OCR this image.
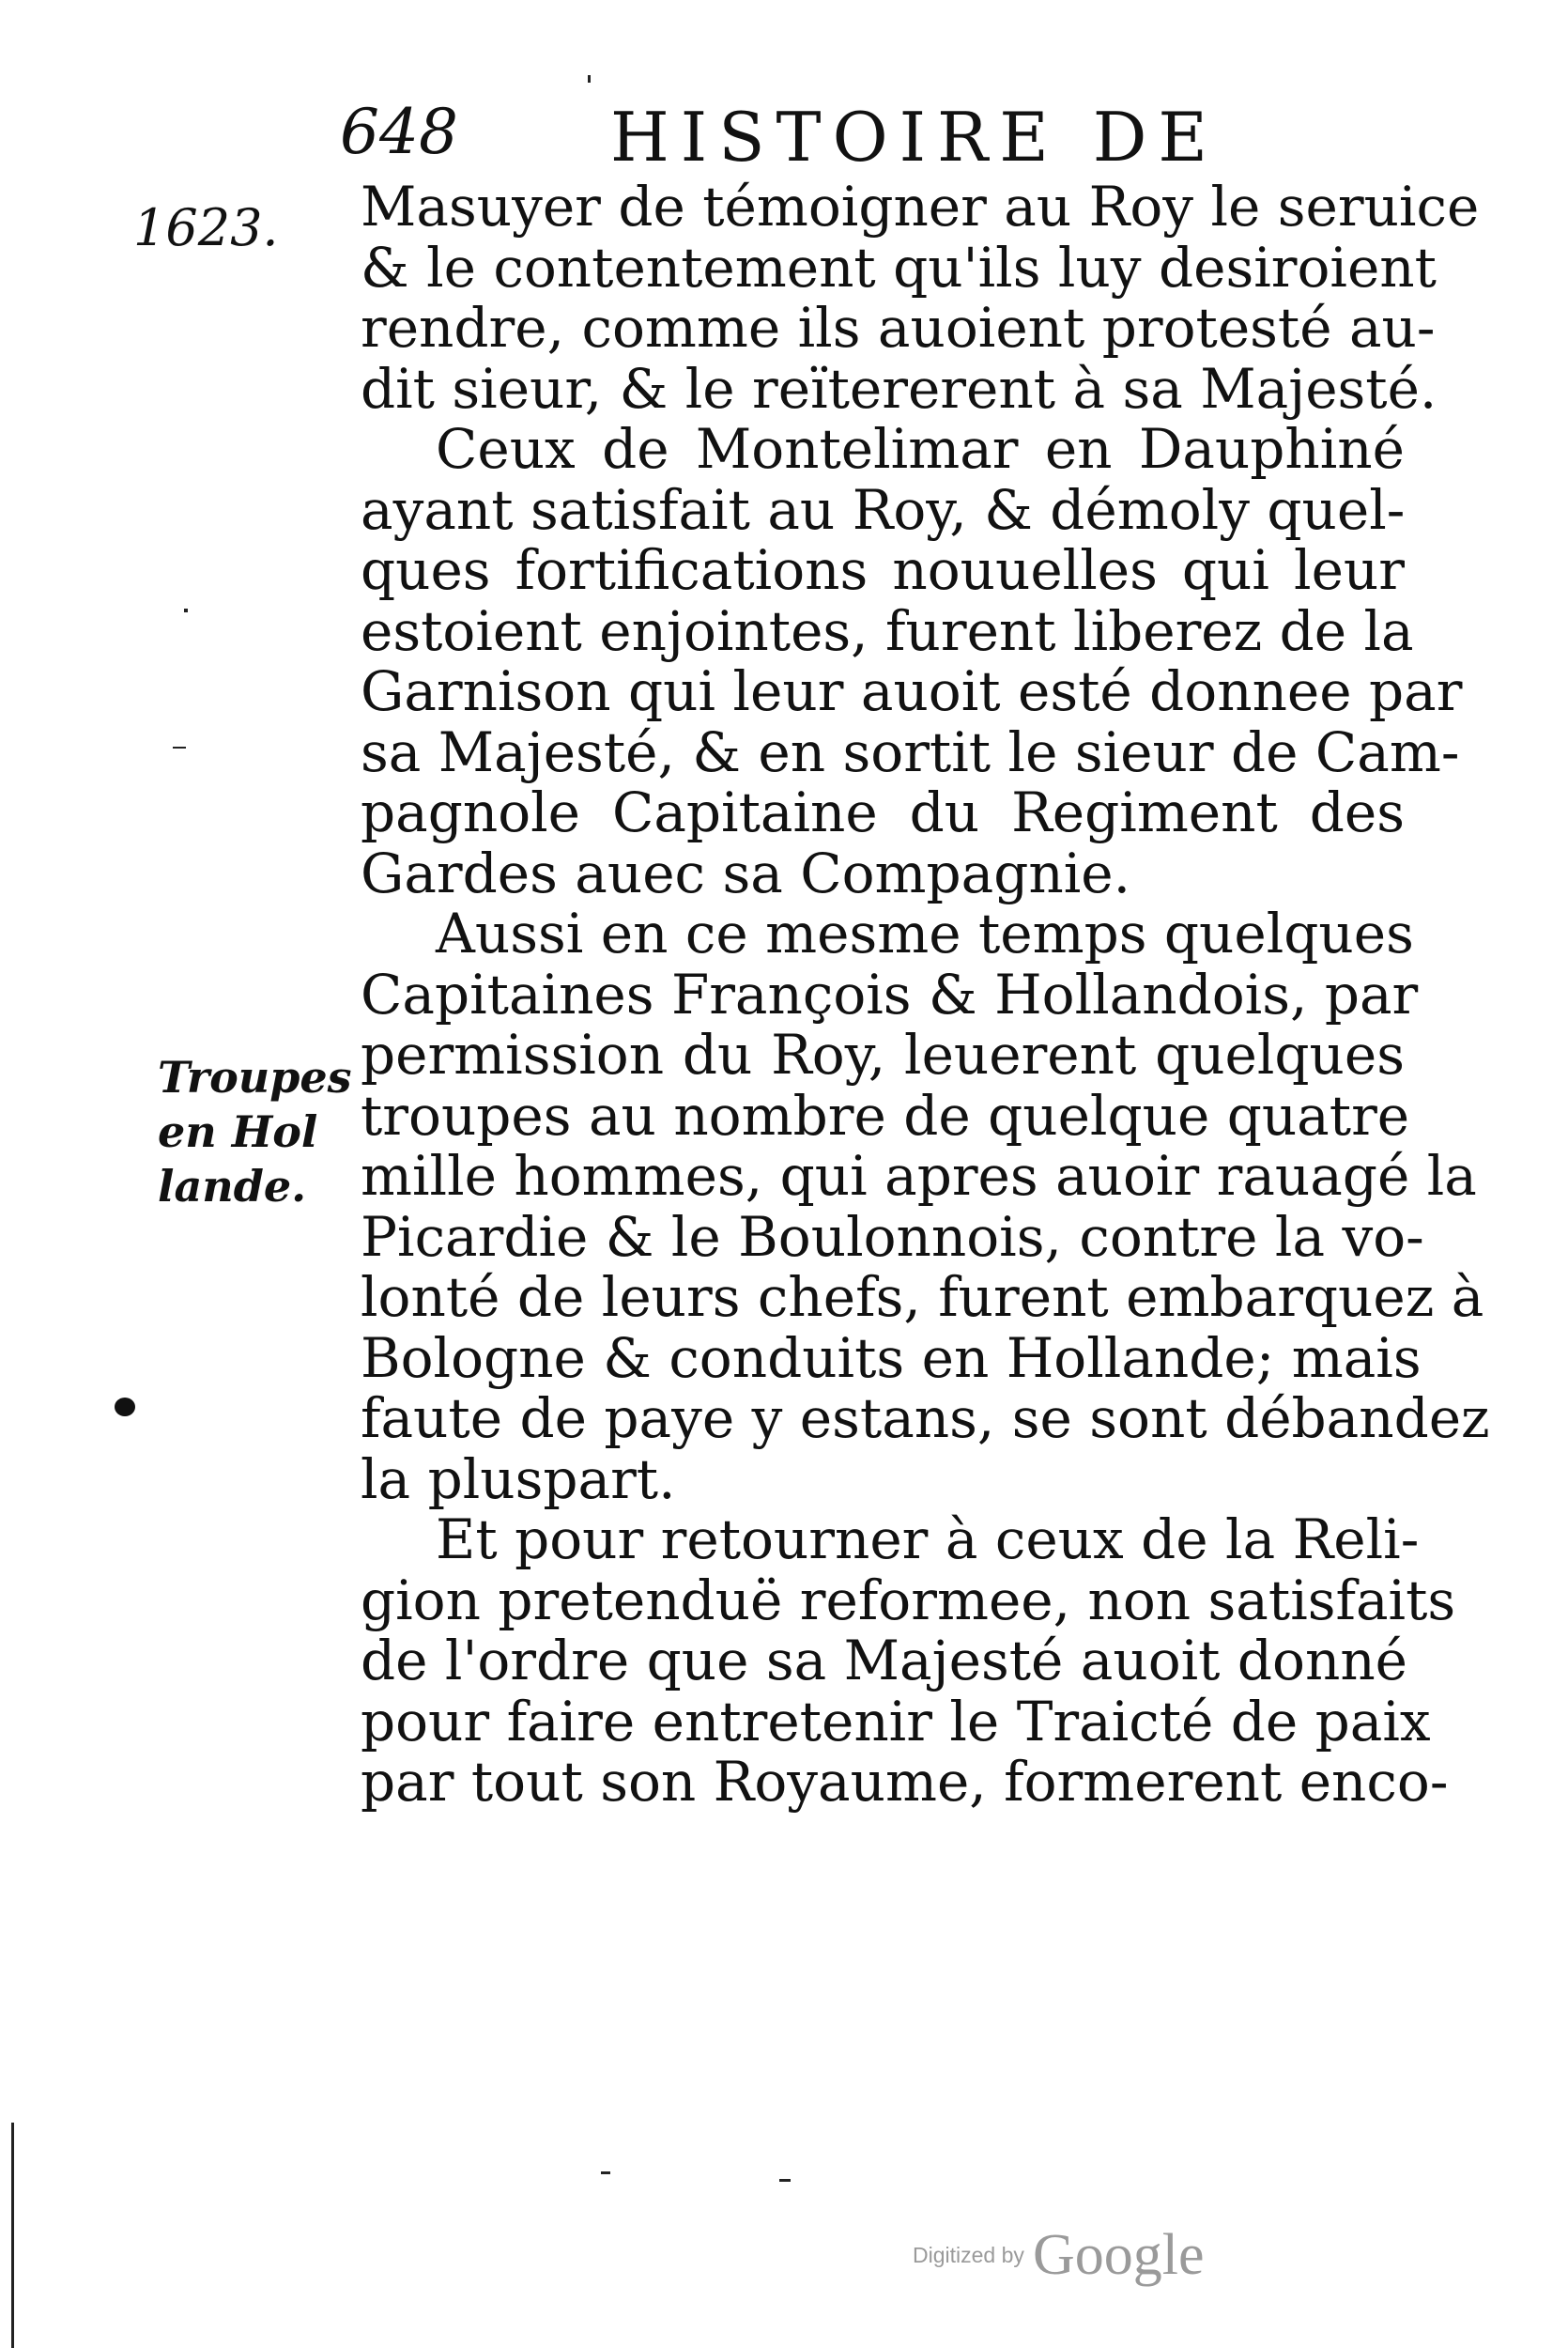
648 HISTOIRE DE
1623.
Troupes
en Hol
lande.
Masuyer de témoigner au Roy le seruice
& le contentement qu'ils luy desiroient
rendre, comme ils auoient protesté au-
dit sieur, & le reïtererent à sa Majesté.
Ceux de Montelimar en Dauphiné
ayant satisfait au Roy, & démoly quel-
ques fortifications nouuelles qui leur
estoient enjointes, furent liberez de la
Garnison qui leur auoit esté donnee par
sa Majesté, & en sortit le sieur de Cam-
pagnole Capitaine du Regiment des
Gardes auec sa Compagnie.
Aussi en ce mesme temps quelques
Capitaines François & Hollandois, par
permission du Roy, leuerent quelques
troupes au nombre de quelque quatre
mille hommes, qui apres auoir rauagé la
Picardie & le Boulonnois, contre la vo-
lonté de leurs chefs, furent embarquez à
Bologne & conduits en Hollande; mais
faute de paye y estans, se sont débandez
la pluspart.
Et pour retourner à ceux de la Reli-
gion pretenduë reformee, non satisfaits
de l'ordre que sa Majesté auoit donné
pour faire entretenir le Traicté de paix
par tout son Royaume, formerent enco-
Digitized by Google
